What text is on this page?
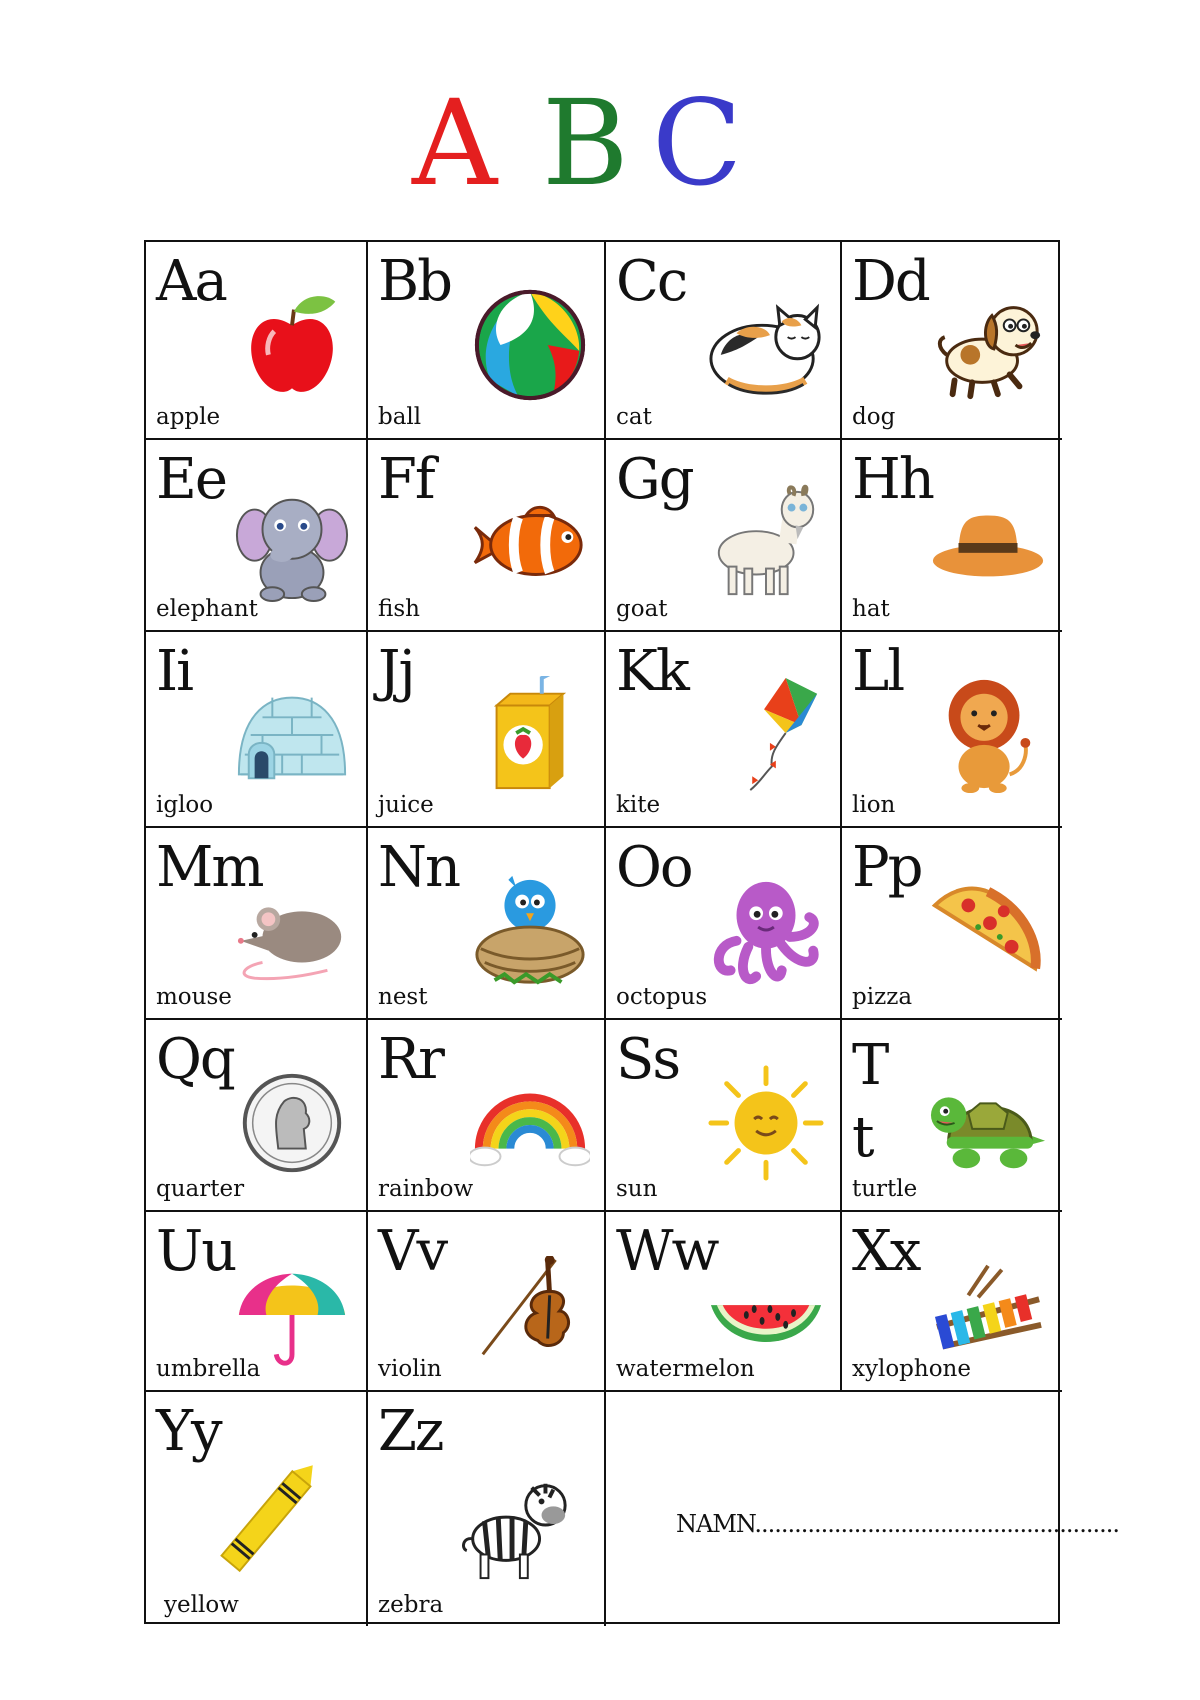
A B C
Aa
apple
Bb
ball
Cc
cat
Dd
dog
Ee
elephant
Ff
fish
Gg
goat
Hh
hat
Ii
igloo
Jj
juice
Kk
kite
Ll
lion
Mm
mouse
Nn
nest
Oo
octopus
Pp
pizza
Qq
quarter
Rr
rainbow
Ss
sun
T
t
turtle
Uu
umbrella
Vv
violin
Ww
watermelon
Xx
xylophone
Yy
yellow
Zz
zebra
NAMN.......................................................
